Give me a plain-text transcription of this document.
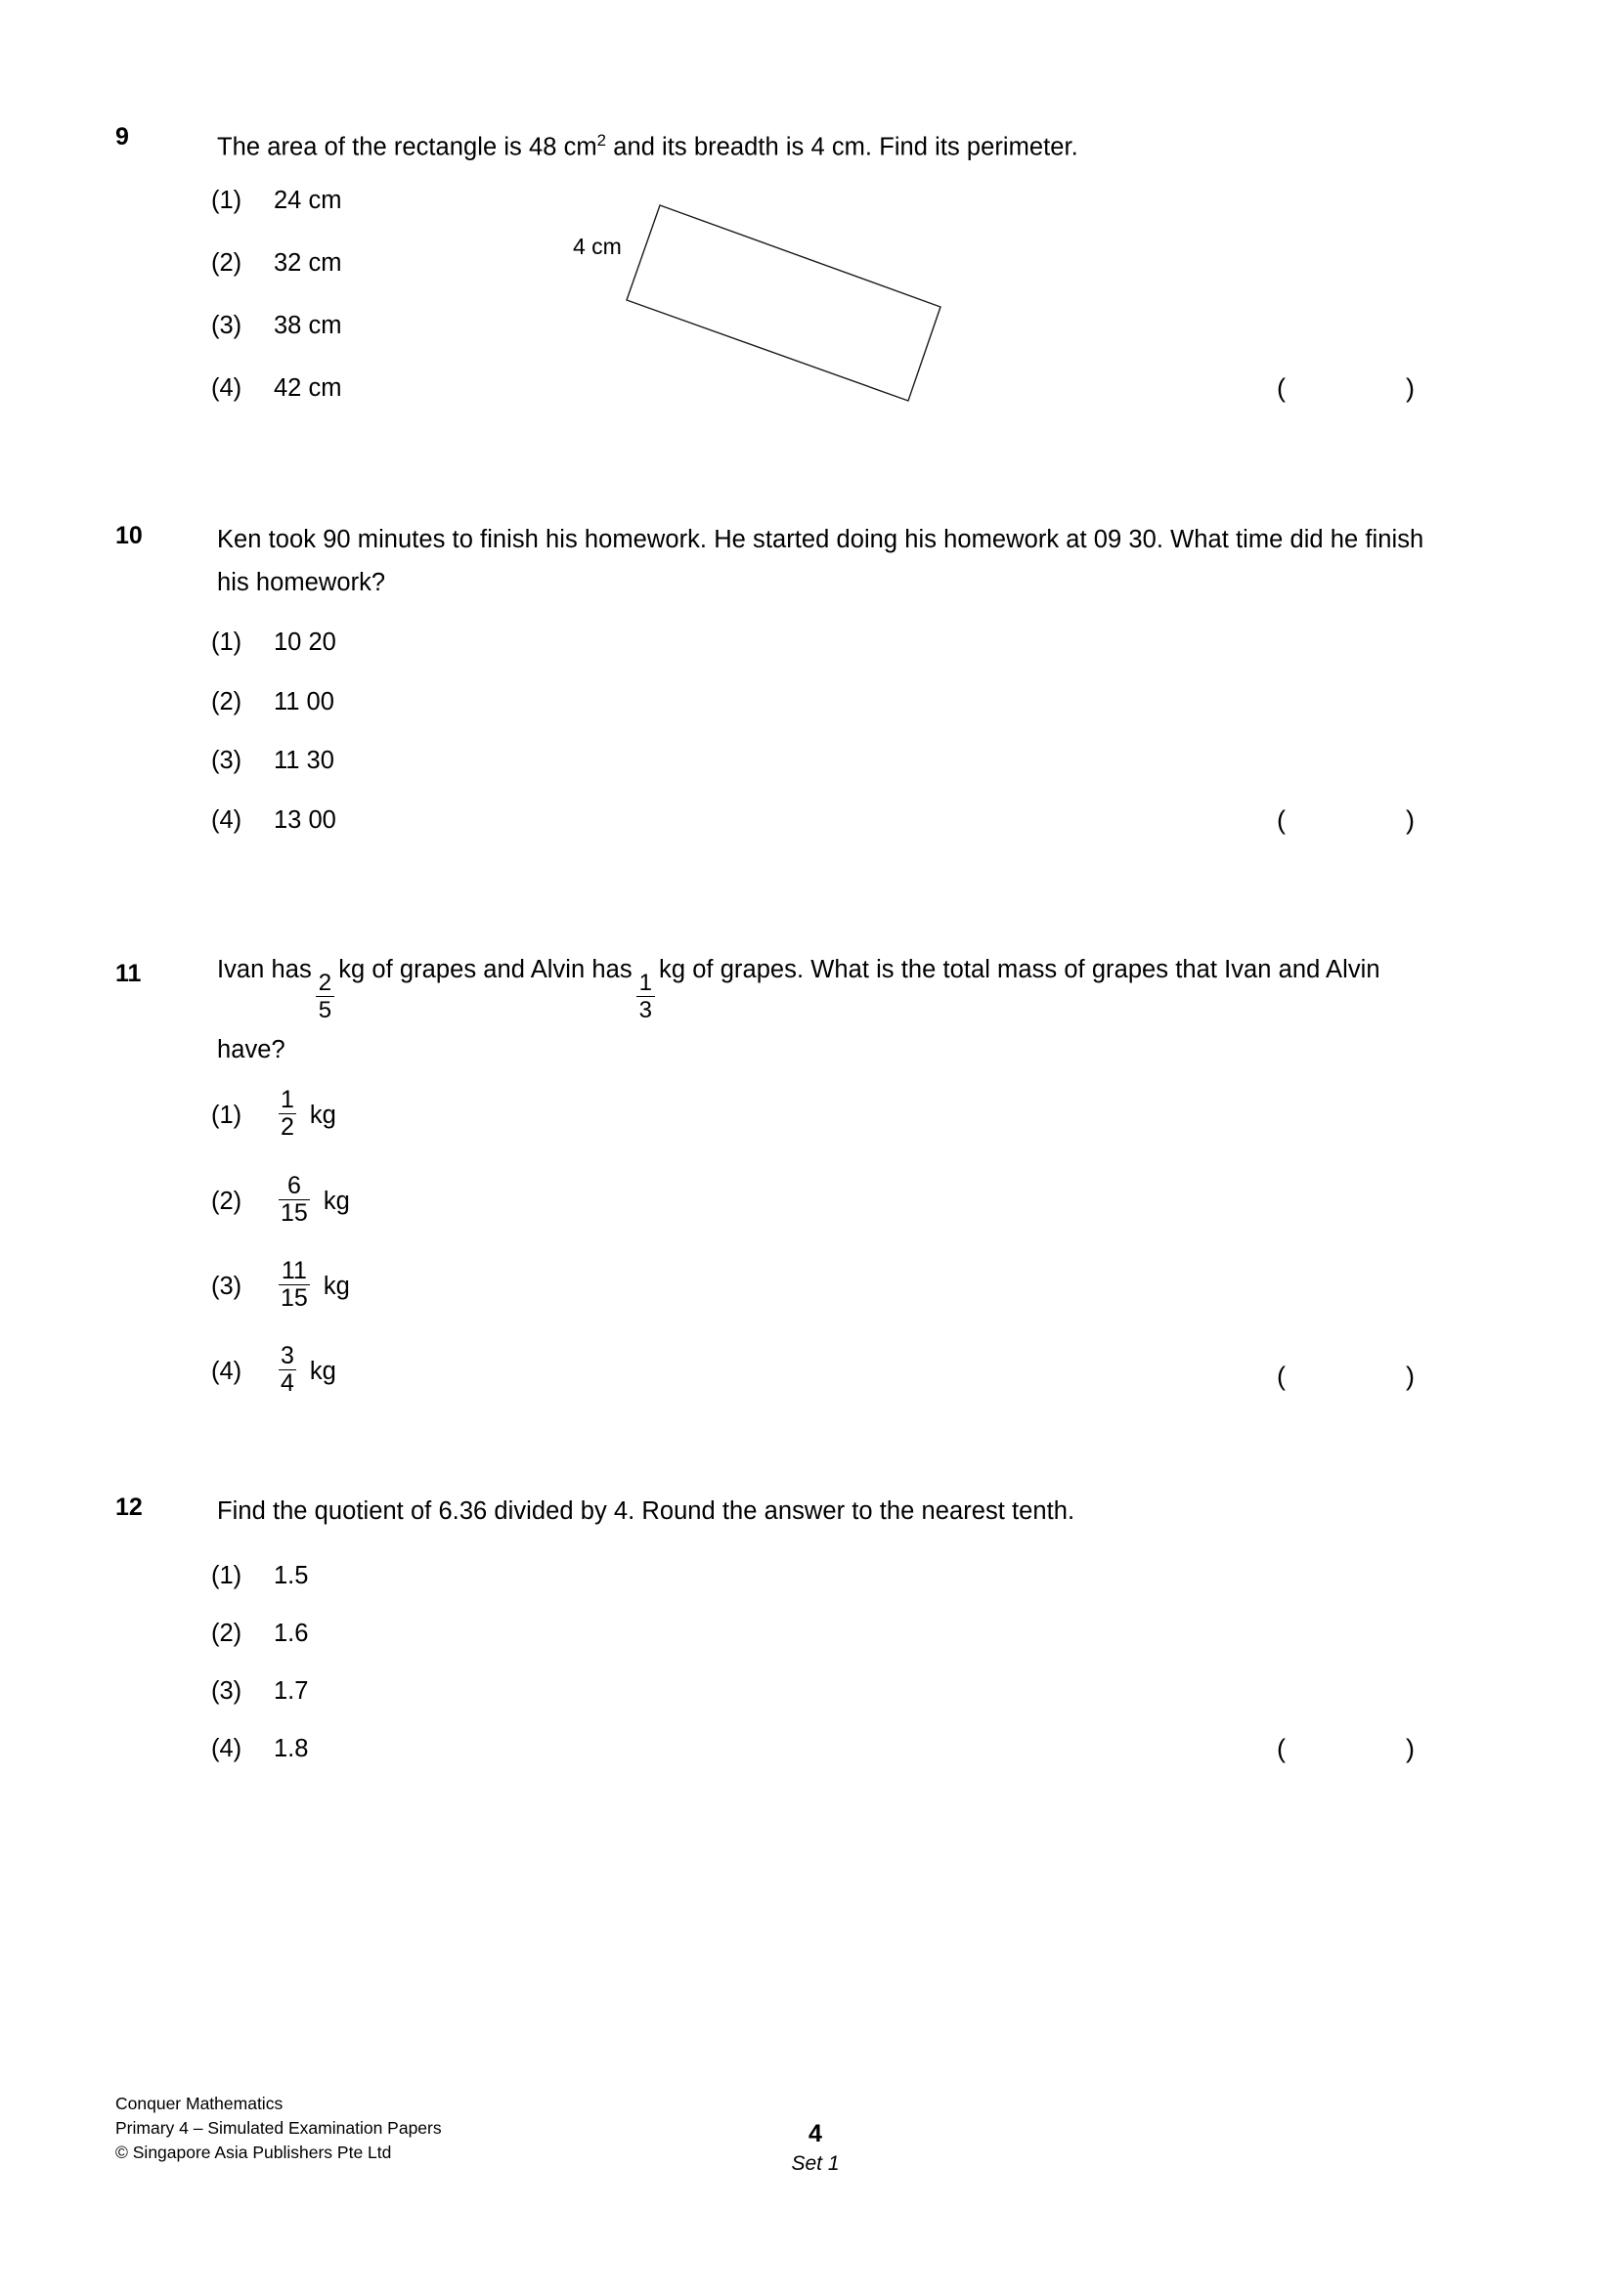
9	The area of the rectangle is 48 $cm^2$ and its breadth is 4 cm. Find its perimeter.
4 cm
(1)	24 cm
(2)	32 cm
(3)	38 cm
(4)	42 cm	(	)
10	Ken took 90 minutes to finish his homework. He started doing his homework at 09 30. What time did he finish his homework?
(1)	10 20
(2)	11 00
(3)	11 30
(4)	13 00	(	)
11	Ivan has
$\frac{2}{5}$
kg of grapes and Alvin has
$\frac{1}{3}$
kg of grapes. What is the total mass of grapes that Ivan and Alvin have?
(1)	$\frac{1}{2}$ kg
(2)	$\frac{6}{15}$ kg
(3)	$\frac{11}{15}$ kg
(4)	$\frac{3}{4}$ kg	(	)
12	Find the quotient of 6.36 divided by 4. Round the answer to the nearest tenth.
(1)	1.5
(2)	1.6
(3)	1.7
(4)	1.8	(	)
Conquer Mathematics
Primary 4 – Simulated Examination Papers
© Singapore Asia Publishers Pte Ltd
4
Set 1
